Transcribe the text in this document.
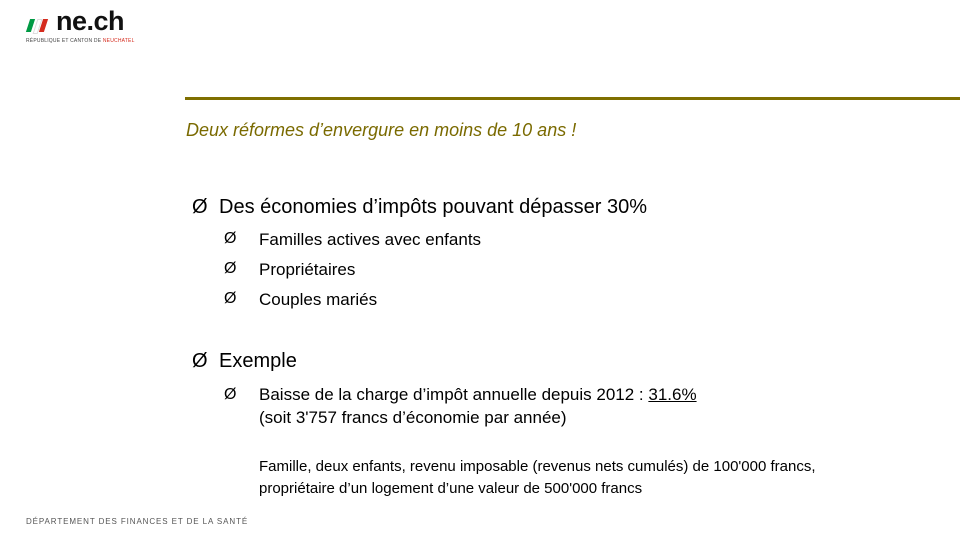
ne.ch
RÉPUBLIQUE ET CANTON DE NEUCHATEL
Deux réformes d’envergure en moins de 10 ans !
Ø Des économies d’impôts pouvant dépasser 30%
Ø	Familles actives avec enfants
Ø	Propriétaires
Ø	Couples mariés
Ø Exemple
Ø	Baisse de la charge d’impôt annuelle depuis 2012 : 31.6%
(soit 3'757 francs d’économie par année)
Famille, deux enfants, revenu imposable (revenus nets cumulés) de 100'000 francs,
propriétaire d’un logement d’une valeur de 500'000 francs
DÉPARTEMENT DES FINANCES ET DE LA SANTÉ
